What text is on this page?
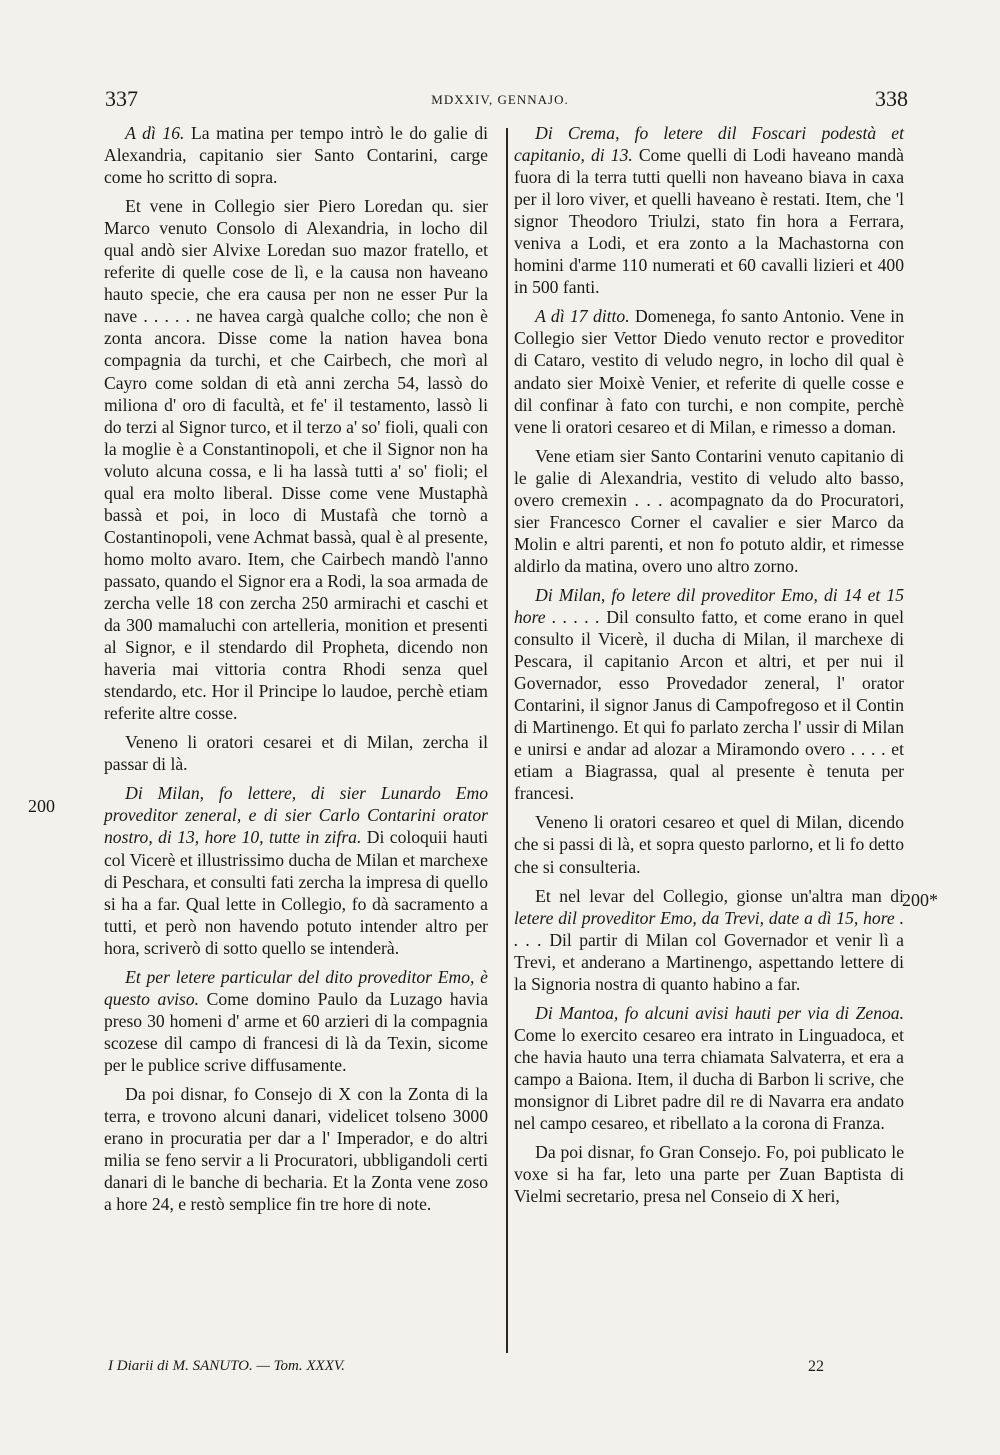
337	MDXXIV, GENNAJO.	338
200
200*

A dì 16. La matina per tempo intrò le do galie di Alexandria, capitanio sier Santo Contarini, carge come ho scritto di sopra.

Et vene in Collegio sier Piero Loredan qu. sier Marco venuto Consolo di Alexandria, in locho dil qual andò sier Alvixe Loredan suo mazor fratello, et referite di quelle cose de lì, e la causa non haveano hauto specie, che era causa per non ne esser Pur la nave . . . . . ne havea cargà qualche collo; che non è zonta ancora. Disse come la nation havea bona compagnia da turchi, et che Cairbech, che morì al Cayro come soldan di età anni zercha 54, lassò do miliona d' oro di facultà, et fe' il testamento, lassò li do terzi al Signor turco, et il terzo a' so' fioli, quali con la moglie è a Constantinopoli, et che il Signor non ha voluto alcuna cossa, e li ha lassà tutti a' so' fioli; el qual era molto liberal. Disse come vene Mustaphà bassà et poi, in loco di Mustafà che tornò a Costantinopoli, vene Achmat bassà, qual è al presente, homo molto avaro. Item, che Cairbech mandò l'anno passato, quando el Signor era a Rodi, la soa armada de zercha velle 18 con zercha 250 armirachi et caschi et da 300 mamaluchi con artelleria, monition et presenti al Signor, e il stendardo dil Propheta, dicendo non haveria mai vittoria contra Rhodi senza quel stendardo, etc. Hor il Principe lo laudoe, perchè etiam referite altre cosse.

Veneno li oratori cesarei et di Milan, zercha il passar di là.

Di Milan, fo lettere, di sier Lunardo Emo proveditor zeneral, e di sier Carlo Contarini orator nostro, di 13, hore 10, tutte in zifra. Di coloquii hauti col Vicerè et illustrissimo ducha de Milan et marchexe di Peschara, et consulti fati zercha la impresa di quello si ha a far. Qual lette in Collegio, fo dà sacramento a tutti, et però non havendo potuto intender altro per hora, scriverò di sotto quello se intenderà.

Et per letere particular del dito proveditor Emo, è questo aviso. Come domino Paulo da Luzago havia preso 30 homeni d' arme et 60 arzieri di la compagnia scozese dil campo di francesi di là da Texin, sicome per le publice scrive diffusamente.

Da poi disnar, fo Consejo di X con la Zonta di la terra, e trovono alcuni danari, videlicet tolseno 3000 erano in procuratia per dar a l' Imperador, e do altri milia se feno servir a li Procuratori, ubbligandoli certi danari di le banche di becharia. Et la Zonta vene zoso a hore 24, e restò semplice fin tre hore di note.

Di Crema, fo letere dil Foscari podestà et capitanio, di 13. Come quelli di Lodi haveano mandà fuora di la terra tutti quelli non haveano biava in caxa per il loro viver, et quelli haveano è restati. Item, che 'l signor Theodoro Triulzi, stato fin hora a Ferrara, veniva a Lodi, et era zonto a la Machastorna con homini d'arme 110 numerati et 60 cavalli lizieri et 400 in 500 fanti.

A dì 17 ditto. Domenega, fo santo Antonio. Vene in Collegio sier Vettor Diedo venuto rector e proveditor di Cataro, vestito di veludo negro, in locho dil qual è andato sier Moixè Venier, et referite di quelle cosse e dil confinar à fato con turchi, e non compite, perchè vene li oratori cesareo et di Milan, e rimesso a doman.

Vene etiam sier Santo Contarini venuto capitanio di le galie di Alexandria, vestito di veludo alto basso, overo cremexin . . . acompagnato da do Procuratori, sier Francesco Corner el cavalier e sier Marco da Molin e altri parenti, et non fo potuto aldir, et rimesse aldirlo da matina, overo uno altro zorno.

Di Milan, fo letere dil proveditor Emo, di 14 et 15 hore . . . . . Dil consulto fatto, et come erano in quel consulto il Vicerè, il ducha di Milan, il marchexe di Pescara, il capitanio Arcon et altri, et per nui il Governador, esso Provedador zeneral, l' orator Contarini, il signor Janus di Campofregoso et il Contin di Martinengo. Et qui fo parlato zercha l' ussir di Milan e unirsi e andar ad alozar a Miramondo overo . . . . et etiam a Biagrassa, qual al presente è tenuta per francesi.

Veneno li oratori cesareo et quel di Milan, dicendo che si passi di là, et sopra questo parlorno, et li fo detto che si consulteria.

Et nel levar del Collegio, gionse un'altra man di letere dil proveditor Emo, da Trevi, date a dì 15, hore . . . . Dil partir di Milan col Governador et venir lì a Trevi, et anderano a Martinengo, aspettando lettere di la Signoria nostra di quanto habino a far.

Di Mantoa, fo alcuni avisi hauti per via di Zenoa. Come lo exercito cesareo era intrato in Linguadoca, et che havia hauto una terra chiamata Salvaterra, et era a campo a Baiona. Item, il ducha di Barbon li scrive, che monsignor di Libret padre dil re di Navarra era andato nel campo cesareo, et ribellato a la corona di Franza.

Da poi disnar, fo Gran Consejo. Fo, poi publicato le voxe si ha far, leto una parte per Zuan Baptista di Vielmi secretario, presa nel Conseio di X heri,

I Diarii di M. SANUTO. — Tom. XXXV.	22
